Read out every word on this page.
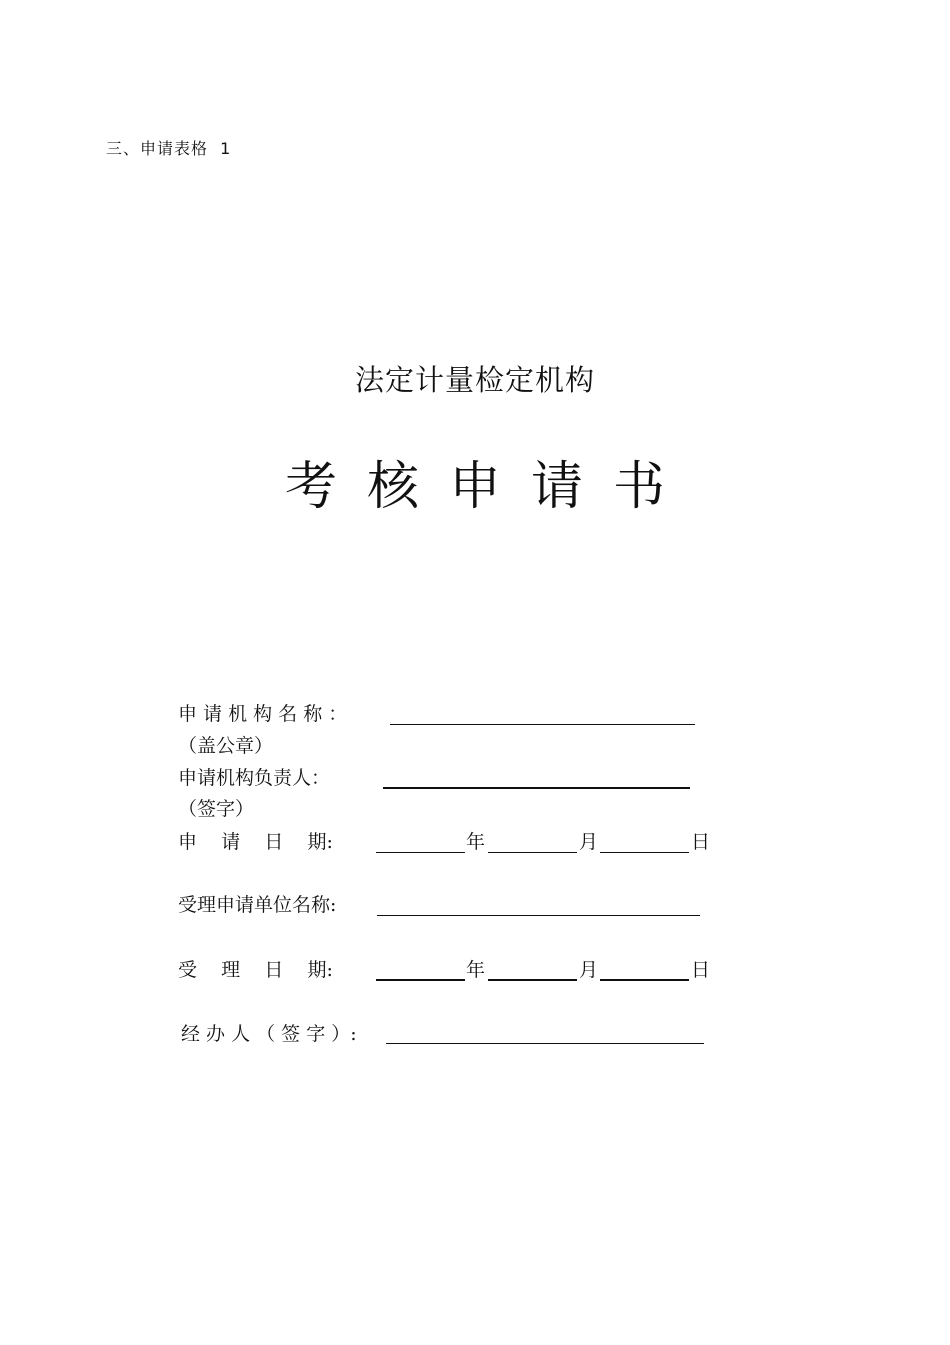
三、申请表格  1
法定计量检定机构
考核申请书
申 请 机 构 名 称 ：
（盖公章）
申请机构负责人：
（签字）
申    请    日    期:	年	月	日
受理申请单位名称:
受    理    日    期:	年	月	日
经 办 人 （ 签 字 ）:
